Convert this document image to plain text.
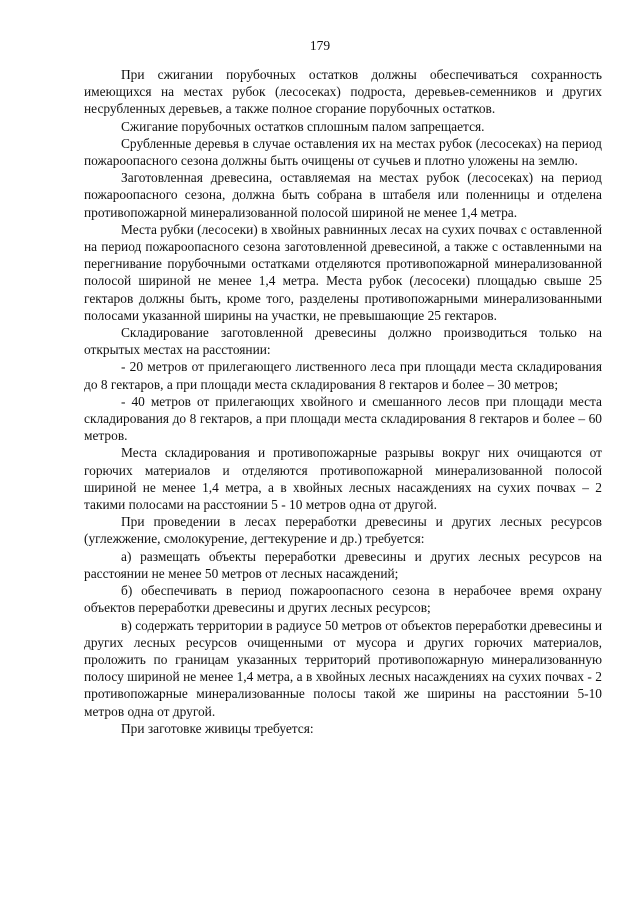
179

При сжигании порубочных остатков должны обеспечиваться сохранность имеющихся на местах рубок (лесосеках) подроста, деревьев-семенников и других несрубленных деревьев, а также полное сгорание порубочных остатков.

Сжигание порубочных остатков сплошным палом запрещается.

Срубленные деревья в случае оставления их на местах рубок (лесосеках) на период пожароопасного сезона должны быть очищены от сучьев и плотно уложены на землю.

Заготовленная древесина, оставляемая на местах рубок (лесосеках) на период пожароопасного сезона, должна быть собрана в штабеля или поленницы и отделена противопожарной минерализованной полосой шириной не менее 1,4 метра.

Места рубки (лесосеки) в хвойных равнинных лесах на сухих почвах с оставленной на период пожароопасного сезона заготовленной древесиной, а также с оставленными на перегнивание порубочными остатками отделяются противопожарной минерализованной полосой шириной не менее 1,4 метра. Места рубок (лесосеки) площадью свыше 25 гектаров должны быть, кроме того, разделены противопожарными минерализованными полосами указанной ширины на участки, не превышающие 25 гектаров.

Складирование заготовленной древесины должно производиться только на открытых местах на расстоянии:

- 20 метров от прилегающего лиственного леса при площади места складирования до 8 гектаров, а при площади места складирования 8 гектаров и более – 30 метров;

- 40 метров от прилегающих хвойного и смешанного лесов при площади места складирования до 8 гектаров, а при площади места складирования 8 гектаров и более – 60 метров.

Места складирования и противопожарные разрывы вокруг них очищаются от горючих материалов и отделяются противопожарной минерализованной полосой шириной не менее 1,4 метра, а в хвойных лесных насаждениях на сухих почвах – 2 такими полосами на расстоянии 5 - 10 метров одна от другой.

При проведении в лесах переработки древесины и других лесных ресурсов (углежжение, смолокурение, дегтекурение и др.) требуется:

а) размещать объекты переработки древесины и других лесных ресурсов на расстоянии не менее 50 метров от лесных насаждений;

б) обеспечивать в период пожароопасного сезона в нерабочее время охрану объектов переработки древесины и других лесных ресурсов;

в) содержать территории в радиусе 50 метров от объектов переработки древесины и других лесных ресурсов очищенными от мусора и других горючих материалов, проложить по границам указанных территорий противопожарную минерализованную полосу шириной не менее 1,4 метра, а в хвойных лесных насаждениях на сухих почвах - 2 противопожарные минерализованные полосы такой же ширины на расстоянии 5-10 метров одна от другой.

При заготовке живицы требуется:
